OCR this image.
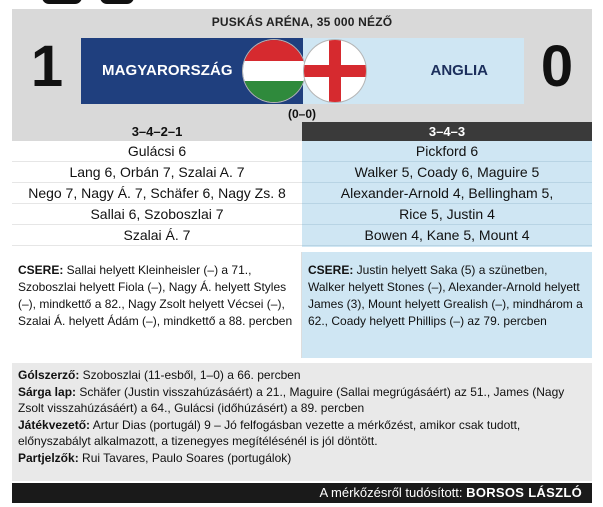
PUSKÁS ARÉNA, 35 000 NÉZŐ
1	0
MAGYARORSZÁG	ANGLIA
(0–0)
3–4–2–1
Gulácsi 6
Lang 6, Orbán 7, Szalai A. 7
Nego 7, Nagy Á. 7, Schäfer 6, Nagy Zs. 8
Sallai 6, Szoboszlai 7
Szalai Á. 7
3–4–3
Pickford 6
Walker 5, Coady 6, Maguire 5
Alexander-Arnold 4, Bellingham 5,
Rice 5, Justin 4
Bowen 4, Kane 5, Mount 4
CSERE: Sallai helyett Kleinheisler (–) a 71., Szoboszlai helyett Fiola (–), Nagy Á. helyett Styles (–), mindkettő a 82., Nagy Zsolt helyett Vécsei (–), Szalai Á. helyett Ádám (–), mindkettő a 88. percben
CSERE: Justin helyett Saka (5) a szünetben, Walker helyett Stones (–), Alexander-Arnold helyett James (3), Mount helyett Grealish (–), mindhárom a 62., Coady helyett Phillips (–) az 79. percben
Gólszerző: Szoboszlai (11-esből, 1–0) a 66. percben
Sárga lap: Schäfer (Justin visszahúzásáért) a 21., Maguire (Sallai megrúgásáért) az 51., James (Nagy Zsolt visszahúzásáért) a 64., Gulácsi (időhúzásért) a 89. percben
Játékvezető: Artur Dias (portugál) 9 – Jó felfogásban vezette a mérkőzést, amikor csak tudott, előnyszabályt alkalmazott, a tizenegyes megítélésénél is jól döntött.
Partjelzők: Rui Tavares, Paulo Soares (portugálok)
A mérkőzésről tudósított: BORSOS LÁSZLÓ
